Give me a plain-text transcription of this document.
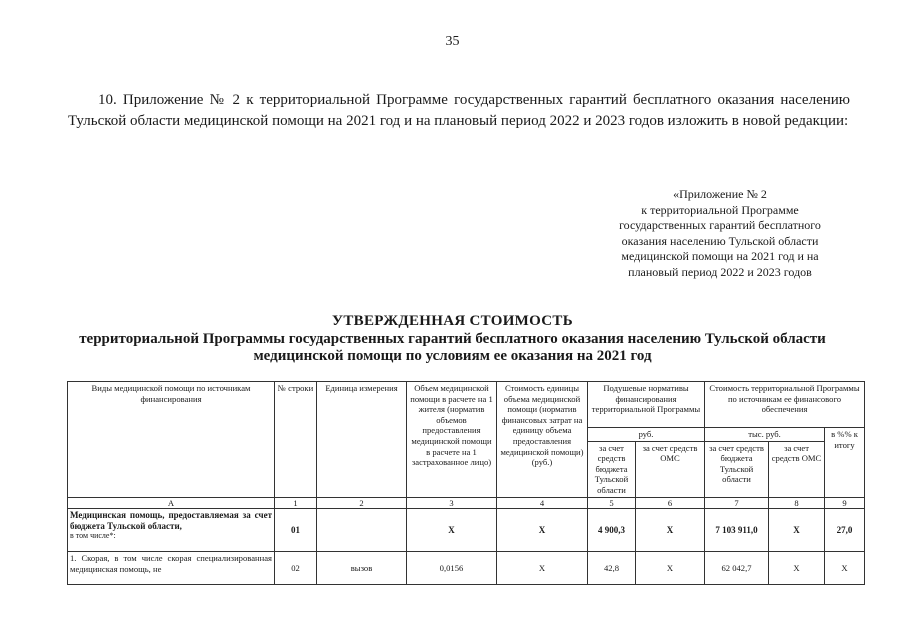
35
10. Приложение № 2 к территориальной Программе государственных гарантий бесплатного оказания населению Тульской области медицинской помощи на 2021 год и на плановый период 2022 и 2023 годов изложить в новой редакции:
«Приложение № 2
к территориальной Программе
государственных гарантий бесплатного
оказания населению Тульской области
медицинской помощи на 2021 год и на
плановый период 2022 и 2023 годов
УТВЕРЖДЕННАЯ СТОИМОСТЬ
территориальной Программы государственных гарантий бесплатного оказания населению Тульской области
медицинской помощи по условиям ее оказания на 2021 год
Виды медицинской помощи по источникам финансирования	№ строки	Единица измерения	Объем медицинской помощи в расчете на 1 жителя (норматив объемов предоставления медицинской помощи в расчете на 1 застрахованное лицо)	Стоимость единицы объема медицинской помощи (норматив финансовых затрат на единицу объема предоставления медицинской помощи) (руб.)	Подушевые нормативы финансирования территориальной Программы		Стоимость территориальной Программы по источникам ее финансового обеспечения		
					руб.		тыс. руб.		в %% к итогу
					за счет средств бюджета Тульской области	за счет средств ОМС	за счет средств бюджета Тульской области	за счет средств ОМС	
А	1	2	3	4	5	6	7	8	9
Медицинская помощь, предоставляемая за счет бюджета Тульской области,
в том числе*:	01		Х	Х	4 900,3	Х	7 103 911,0	Х	27,0
1. Скорая, в том числе скорая специализированная медицинская помощь, не	02	вызов	0,0156	Х	42,8	Х	62 042,7	Х	Х
